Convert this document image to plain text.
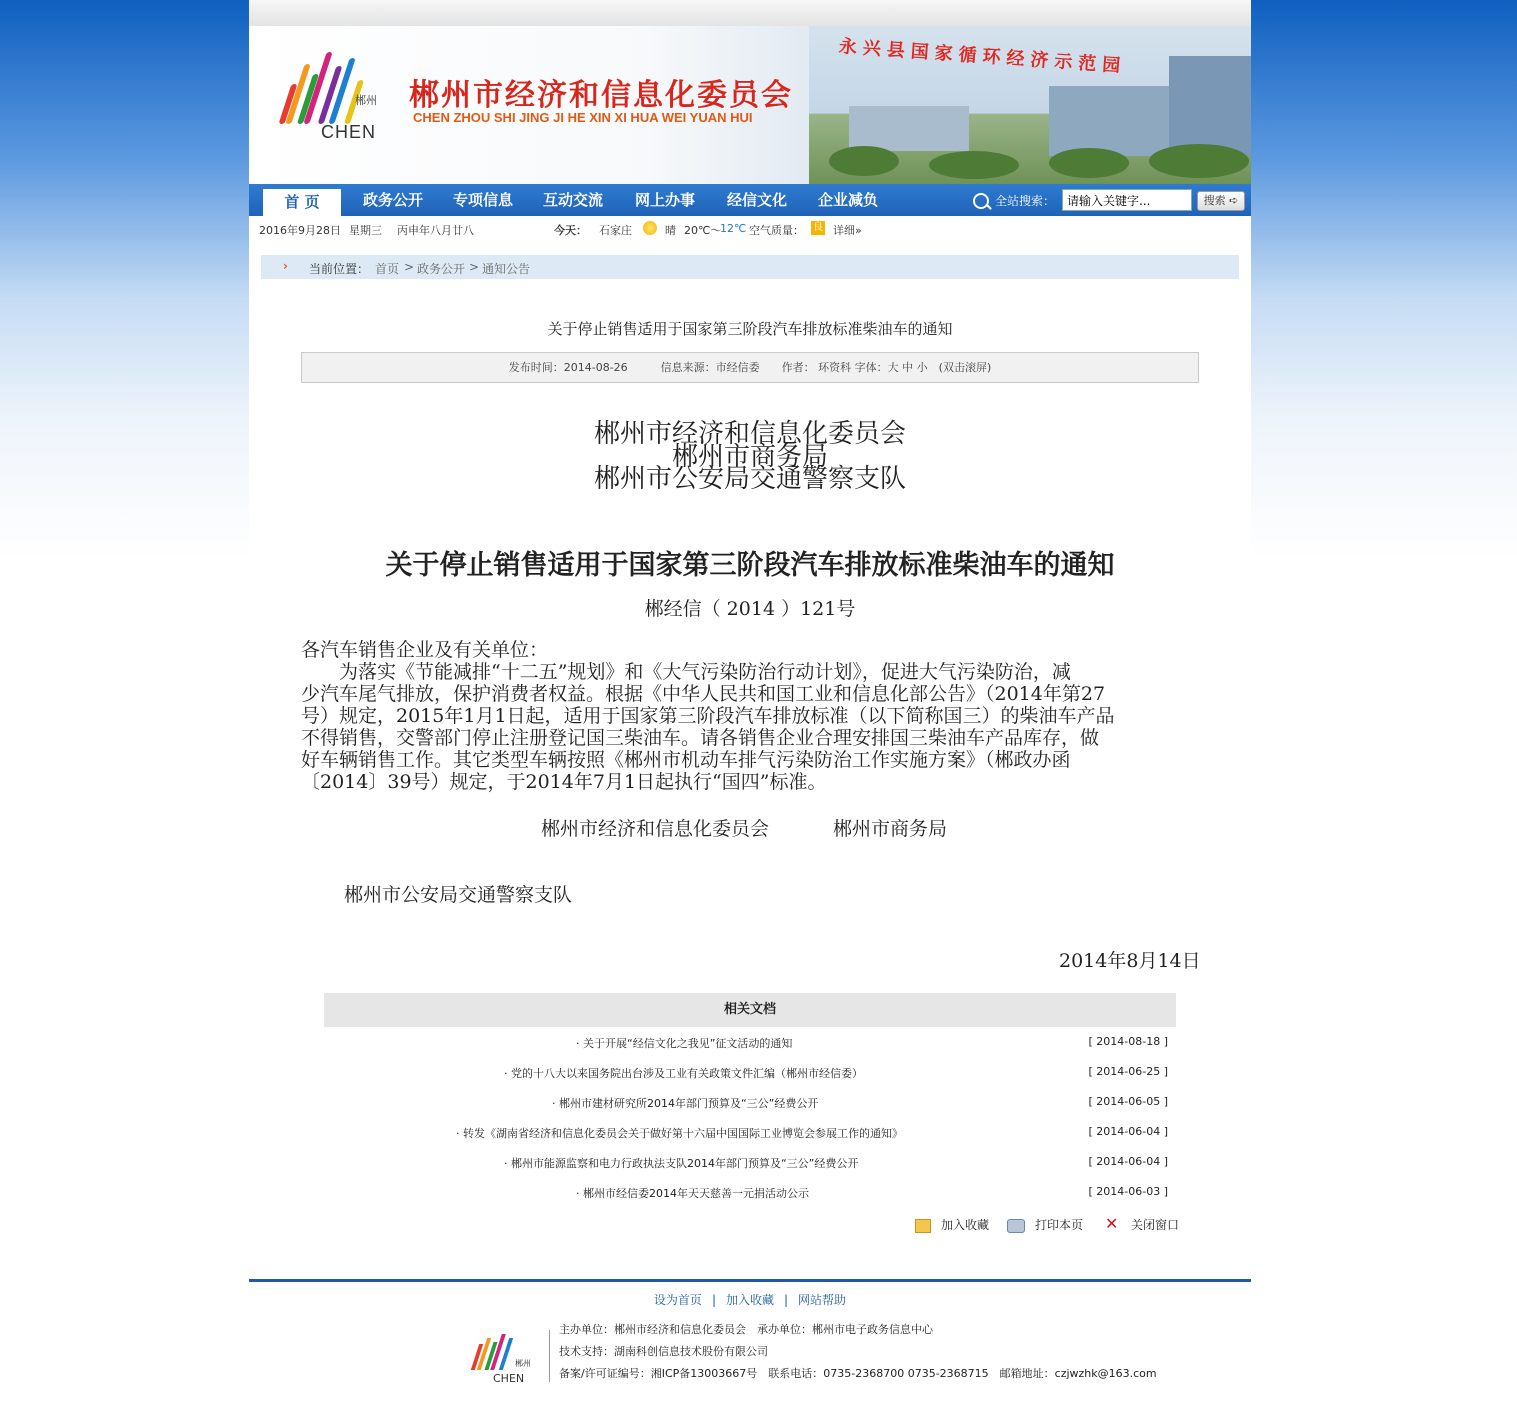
永兴县国家循环经济示范园
郴州
CHEN
郴州市经济和信息化委员会
CHEN ZHOU SHI JING JI HE XIN XI HUA WEI YUAN HUI
首 页	政务公开	专项信息	互动交流	网上办事	经信文化	企业减负	全站搜索：
请输入关键字...	搜索 ➪
2016年9月28日 星期三 丙申年八月廿八	今天： 石家庄	晴 20℃～
12℃ 空气质量： 良 详细»
› 当前位置： 首页 > 政务公开 > 通知公告
关于停止销售适用于国家第三阶段汽车排放标准柴油车的通知
发布时间：2014-08-26　　　信息来源：市经信委　　作者： 环资科 字体：大 中 小　(双击滚屏)
郴州市经济和信息化委员会
郴州市商务局
郴州市公安局交通警察支队
关于停止销售适用于国家第三阶段汽车排放标准柴油车的通知
郴经信（ 2014 ）121号
各汽车销售企业及有关单位：
　　为落实《节能减排“十二五”规划》和《大气污染防治行动计划》，促进大气污染防治，减
少汽车尾气排放，保护消费者权益。根据《中华人民共和国工业和信息化部公告》（2014年第27
号）规定，2015年1月1日起，适用于国家第三阶段汽车排放标准（以下简称国三）的柴油车产品
不得销售，交警部门停止注册登记国三柴油车。请各销售企业合理安排国三柴油车产品库存，做
好车辆销售工作。其它类型车辆按照《郴州市机动车排气污染防治工作实施方案》（郴政办函
〔2014〕39号）规定，于2014年7月1日起执行“国四”标准。
郴州市经济和信息化委员会	郴州市商务局
郴州市公安局交通警察支队
2014年8月14日
相关文档
· 关于开展“经信文化之我见”征文活动的通知	[ 2014-08-18 ]
· 党的十八大以来国务院出台涉及工业有关政策文件汇编（郴州市经信委）	[ 2014-06-25 ]
· 郴州市建材研究所2014年部门预算及“三公”经费公开	[ 2014-06-05 ]
· 转发《湖南省经济和信息化委员会关于做好第十六届中国国际工业博览会参展工作的通知》	[ 2014-06-04 ]
· 郴州市能源监察和电力行政执法支队2014年部门预算及“三公”经费公开	[ 2014-06-04 ]
· 郴州市经信委2014年天天慈善一元捐活动公示	[ 2014-06-03 ]
加入收藏	打印本页 ✕ 关闭窗口
设为首页 | 加入收藏 | 网站帮助
郴州
CHEN
主办单位：郴州市经济和信息化委员会　承办单位：郴州市电子政务信息中心
技术支持：湖南科创信息技术股份有限公司
备案/许可证编号：湘ICP备13003667号　联系电话：0735-2368700 0735-2368715　邮箱地址：czjwzhk@163.com
